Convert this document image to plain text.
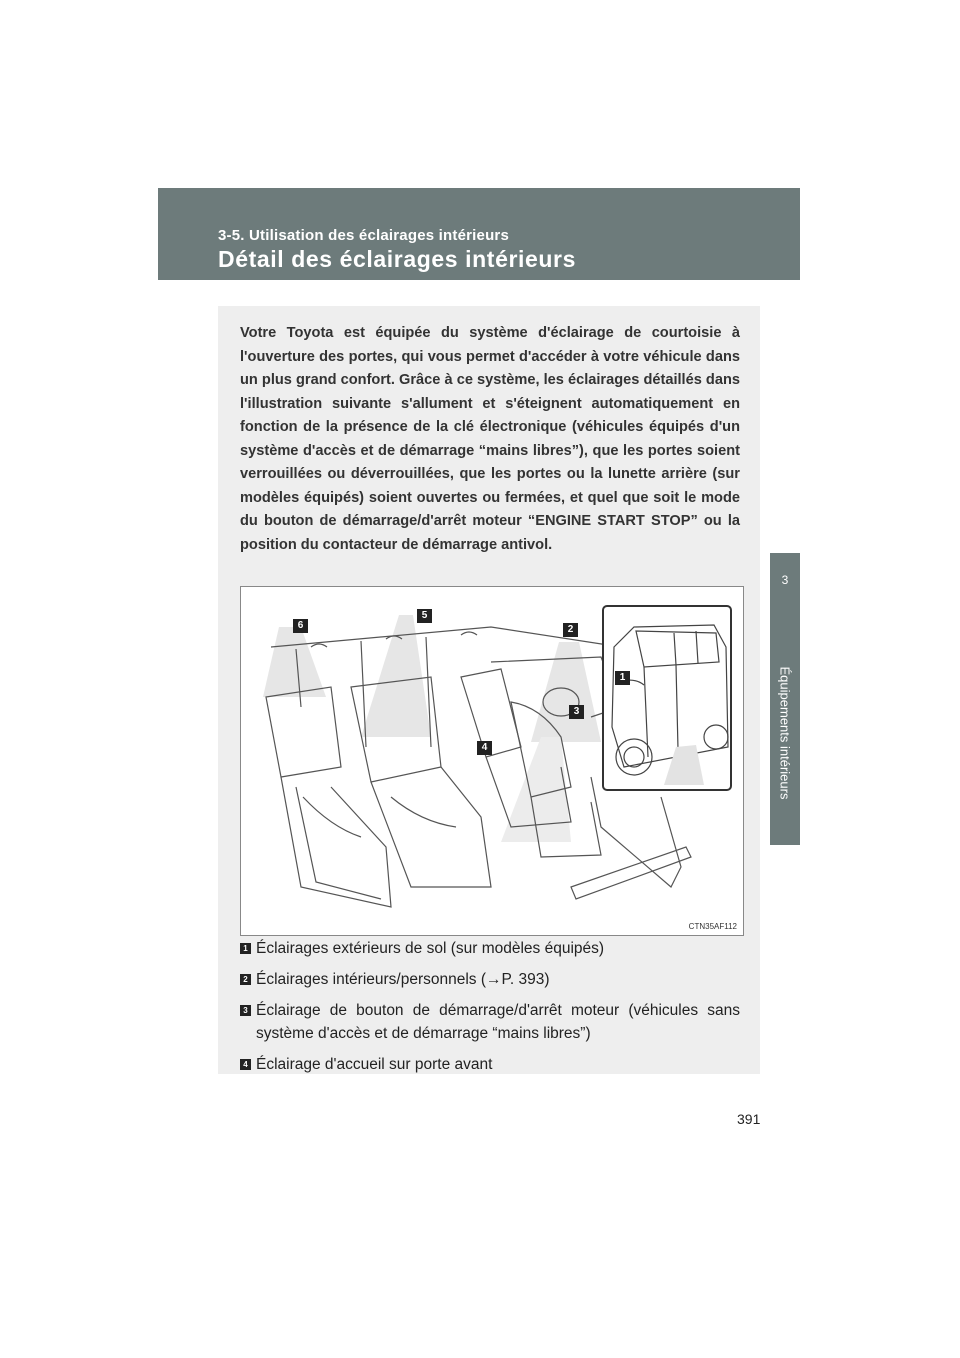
3-5. Utilisation des éclairages intérieurs
Détail des éclairages intérieurs
3
Équipements intérieurs

Votre Toyota est équipée du système d'éclairage de courtoisie à l'ouverture des portes, qui vous permet d'accéder à votre véhicule dans un plus grand confort. Grâce à ce système, les éclairages détaillés dans l'illustration suivante s'allument et s'éteignent automatiquement en fonction de la présence de la clé électronique (véhicules équipés d'un système d'accès et de démarrage “mains libres”), que les portes soient verrouillées ou déverrouillées, que les portes ou la lunette arrière (sur modèles équipés) soient ouvertes ou fermées, et quel que soit le mode du bouton de démarrage/d'arrêt moteur “ENGINE START STOP” ou la position du contacteur de démarrage antivol.

1
2
3
4
5
6
CTN35AF112
1 Éclairages extérieurs de sol (sur modèles équipés)
2 Éclairages intérieurs/personnels (→P. 393)
3 Éclairage de bouton de démarrage/d'arrêt moteur (véhicules sans système d'accès et de démarrage “mains libres”)
4 Éclairage d'accueil sur porte avant
391
